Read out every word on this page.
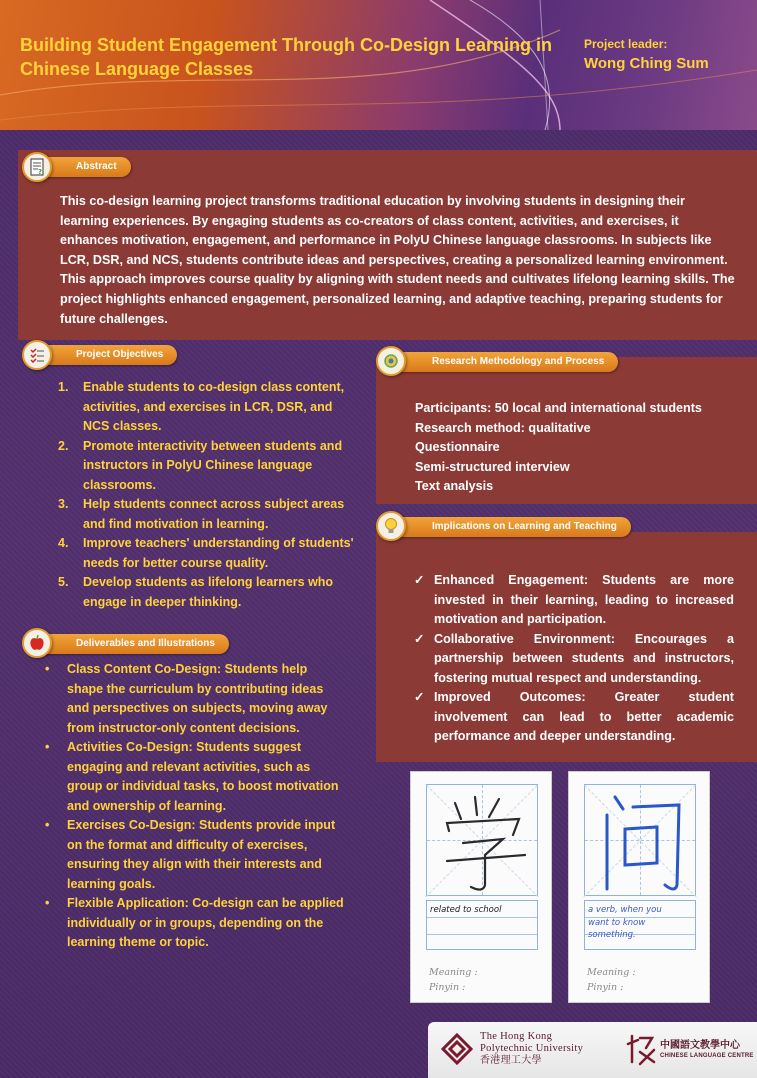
Building Student Engagement Through Co-Design Learning in Chinese Language Classes
Project leader:
Wong Ching Sum
Abstract
?
This co-design learning project transforms traditional education by involving students in designing their learning experiences. By engaging students as co-creators of class content, activities, and exercises, it enhances motivation, engagement, and performance in PolyU Chinese language classrooms. In subjects like LCR, DSR, and NCS, students contribute ideas and perspectives, creating a personalized learning environment. This approach improves course quality by aligning with student needs and cultivates lifelong learning skills. The project highlights enhanced engagement, personalized learning, and adaptive teaching, preparing students for future challenges.
Project Objectives
1. Enable students to co-design class content, activities, and exercises in LCR, DSR, and NCS classes.
2. Promote interactivity between students and instructors in PolyU Chinese language classrooms.
3. Help students connect across subject areas and find motivation in learning.
4. Improve teachers' understanding of students' needs for better course quality.
5. Develop students as lifelong learners who engage in deeper thinking.
Research Methodology and Process
Participants: 50 local and international students
Research method: qualitative
Questionnaire
Semi-structured interview
Text analysis
Implications on Learning and Teaching
✓ Enhanced Engagement: Students are more invested in their learning, leading to increased motivation and participation.
✓ Collaborative Environment: Encourages a partnership between students and instructors, fostering mutual respect and understanding.
✓ Improved Outcomes: Greater student involvement can lead to better academic performance and deeper understanding.
Deliverables and Illustrations
• Class Content Co-Design: Students help shape the curriculum by contributing ideas and perspectives on subjects, moving away from instructor-only content decisions.
• Activities Co-Design: Students suggest engaging and relevant activities, such as group or individual tasks, to boost motivation and ownership of learning.
• Exercises Co-Design: Students provide input on the format and difficulty of exercises, ensuring they align with their interests and learning goals.
• Flexible Application: Co-design can be applied individually or in groups, depending on the learning theme or topic.
related to school
Meaning :
Pinyin :
a verb, when you
want to know
something.
Meaning :
Pinyin :
The Hong Kong
Polytechnic University
香港理工大學
中國語文教學中心
CHINESE LANGUAGE CENTRE
